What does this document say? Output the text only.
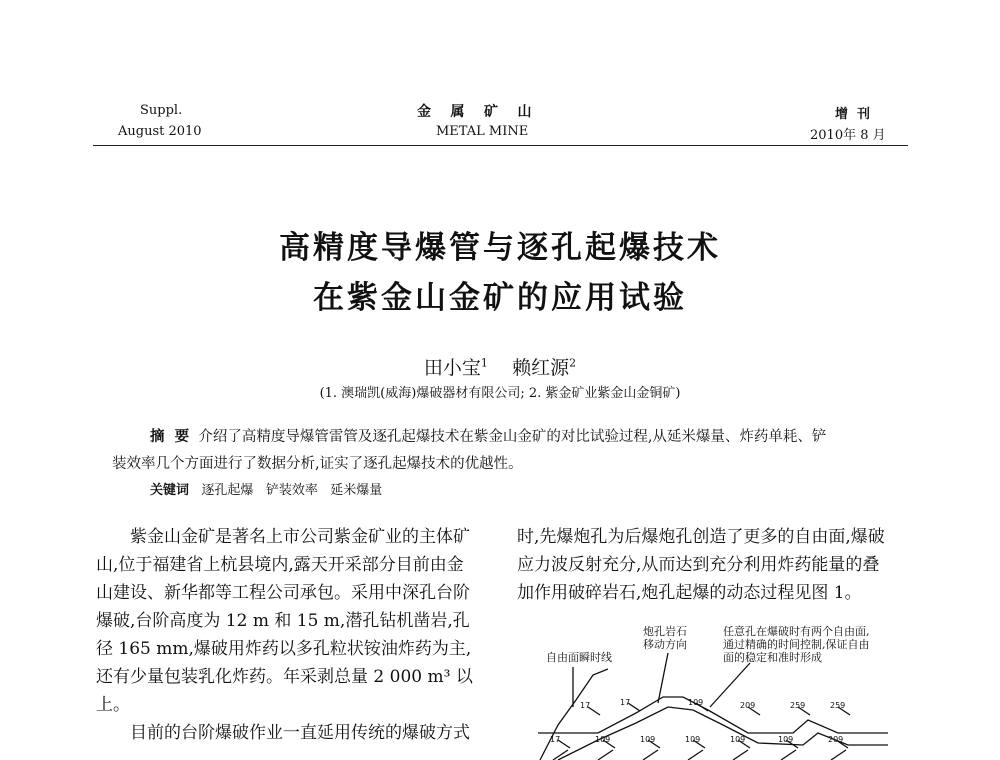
Suppl.
August 2010
金    属    矿    山
METAL MINE
增  刊
2010年 8 月
高精度导爆管与逐孔起爆技术
在紫金山金矿的应用试验
田小宝$^1$ 赖红源$^2$
(1. 澳瑞凯(威海)爆破器材有限公司; 2. 紫金矿业紫金山金铜矿)
摘  要 介绍了高精度导爆管雷管及逐孔起爆技术在紫金山金矿的对比试验过程,从延米爆量、炸药单耗、铲
装效率几个方面进行了数据分析,证实了逐孔起爆技术的优越性。
关键词 逐孔起爆   铲装效率   延米爆量
紫金山金矿是著名上市公司紫金矿业的主体矿
山,位于福建省上杭县境内,露天开采部分目前由金
山建设、新华都等工程公司承包。采用中深孔台阶
爆破,台阶高度为 12 m 和 15 m,潜孔钻机凿岩,孔
径 165 mm,爆破用炸药以多孔粒状铵油炸药为主,
还有少量包装乳化炸药。年采剥总量 2 000 m³ 以
上。
目前的台阶爆破作业一直延用传统的爆破方式
时,先爆炮孔为后爆炮孔创造了更多的自由面,爆破
应力波反射充分,从而达到充分利用炸药能量的叠
加作用破碎岩石,炮孔起爆的动态过程见图 1。
自由面瞬时线
炮孔岩石
移动方向
任意孔在爆破时有两个自由面,
通过精确的时间控制,保证自由
面的稳定和准时形成
17	17	109	209	259	259
17	109	109	109	109	109	209
